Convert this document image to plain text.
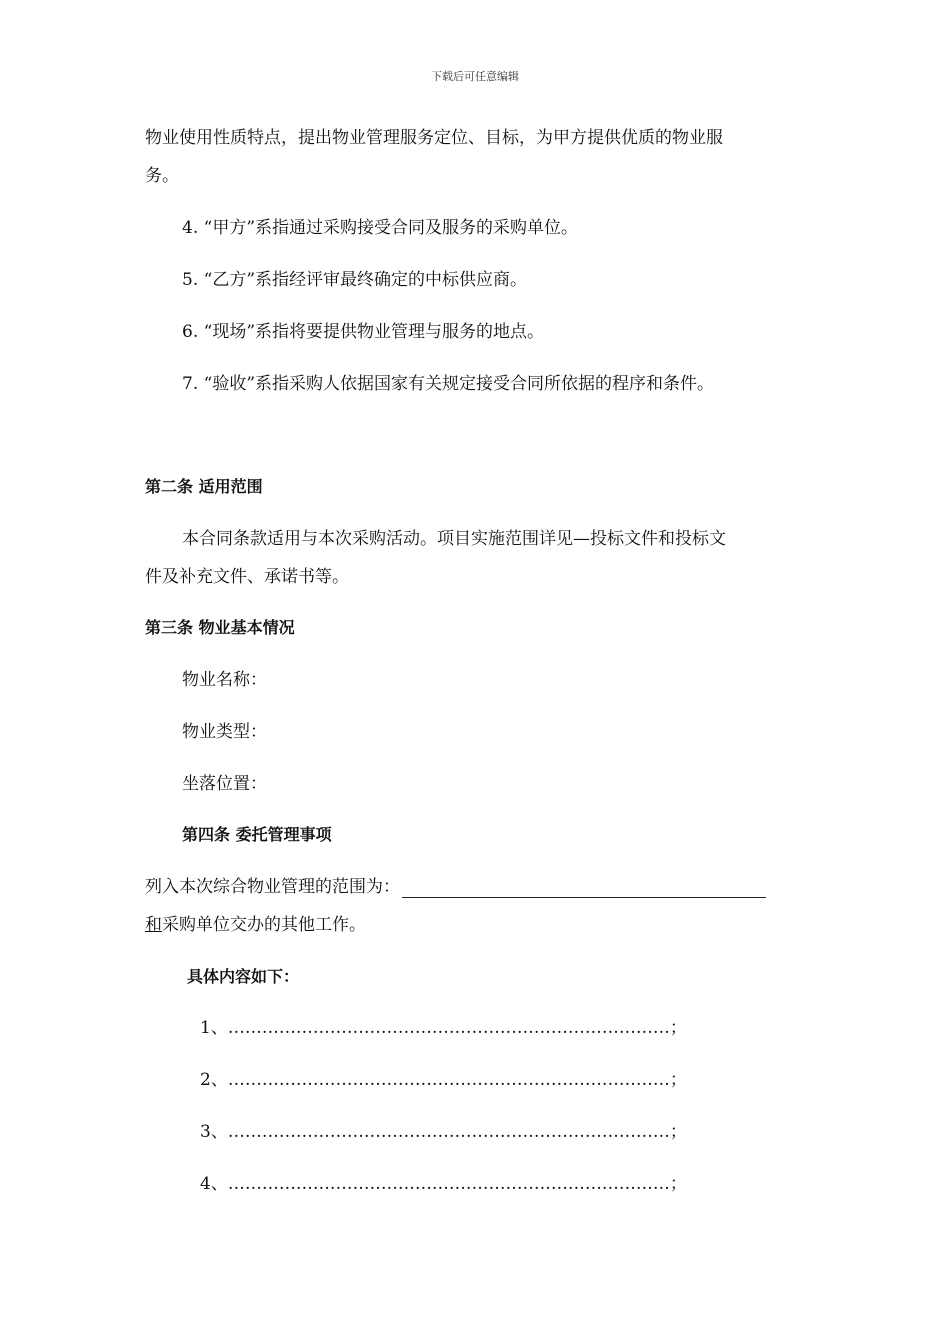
下载后可任意编辑
物业使用性质特点，提出物业管理服务定位、目标，为甲方提供优质的物业服
务。
4. “甲方”系指通过采购接受合同及服务的采购单位。
5. “乙方”系指经评审最终确定的中标供应商。
6. “现场”系指将要提供物业管理与服务的地点。
7. “验收”系指采购人依据国家有关规定接受合同所依据的程序和条件。
第二条 适用范围
本合同条款适用与本次采购活动。项目实施范围详见—投标文件和投标文
件及补充文件、承诺书等。
第三条 物业基本情况
物业名称：
物业类型：
坐落位置：
第四条 委托管理事项
列入本次综合物业管理的范围为：
和采购单位交办的其他工作。
具体内容如下：
1、……………………………………………………………………；
2、……………………………………………………………………；
3、……………………………………………………………………；
4、……………………………………………………………………；
